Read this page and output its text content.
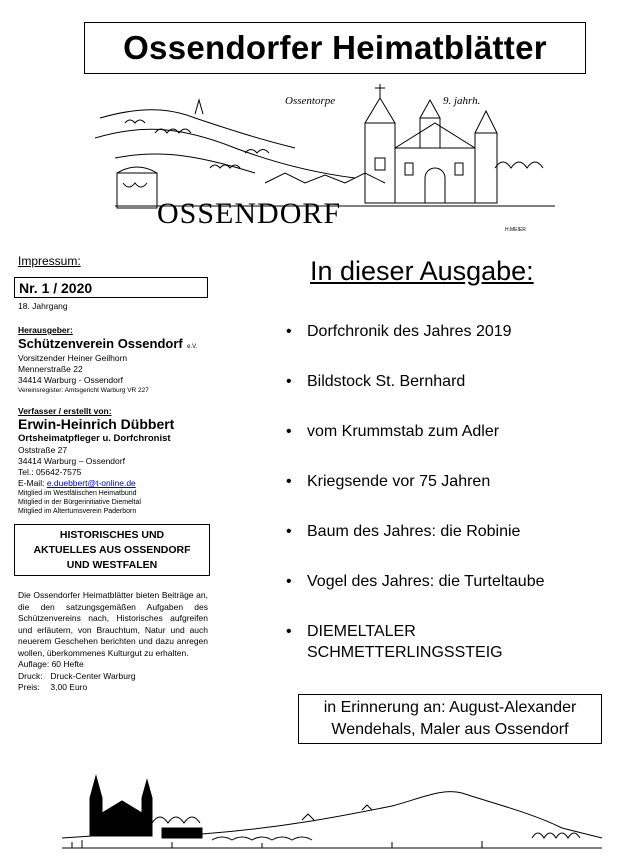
Ossendorfer Heimatblätter
Ossentorpe	9. jahrh.
OSSENDORF	H.MEIER
Impressum:
Nr. 1 / 2020
18. Jahrgang
Herausgeber:
Schützenverein Ossendorf e.V.
Vorsitzender Heiner Geilhorn
Mennerstraße 22
34414 Warburg - Ossendorf
Vereinsregister: Amtsgericht Warburg VR 227
Verfasser / erstellt von:
Erwin-Heinrich Dübbert
Ortsheimatpfleger u. Dorfchronist
Oststraße 27
34414 Warburg – Ossendorf
Tel.: 05642-7575
E-Mail: e.duebbert@t-online.de
Mitglied im Westfälischen Heimatbund
Mitglied in der Bürgerinitiative Diemeltal
Mitglied im Altertumsverein Paderborn
HISTORISCHES UND
AKTUELLES AUS OSSENDORF
UND WESTFALEN
Die Ossendorfer Heimatblätter bieten Beiträge an, die den satzungsgemäßen Aufgaben des Schützenvereins nach, Historisches aufgreifen und erläutern, von Brauchtum, Natur und auch neuerem Geschehen berichten und dazu anregen wollen, überkommenes Kulturgut zu erhalten.
Auflage: 60 Hefte
Druck: Druck-Center Warburg
Preis: 3,00 Euro
In dieser Ausgabe:
• Dorfchronik des Jahres 2019
• Bildstock St. Bernhard
• vom Krummstab zum Adler
• Kriegsende vor 75 Jahren
• Baum des Jahres: die Robinie
• Vogel des Jahres: die Turteltaube
• DIEMELTALER SCHMETTERLINGSSTEIG
in Erinnerung an: August-Alexander
Wendehals, Maler aus Ossendorf
